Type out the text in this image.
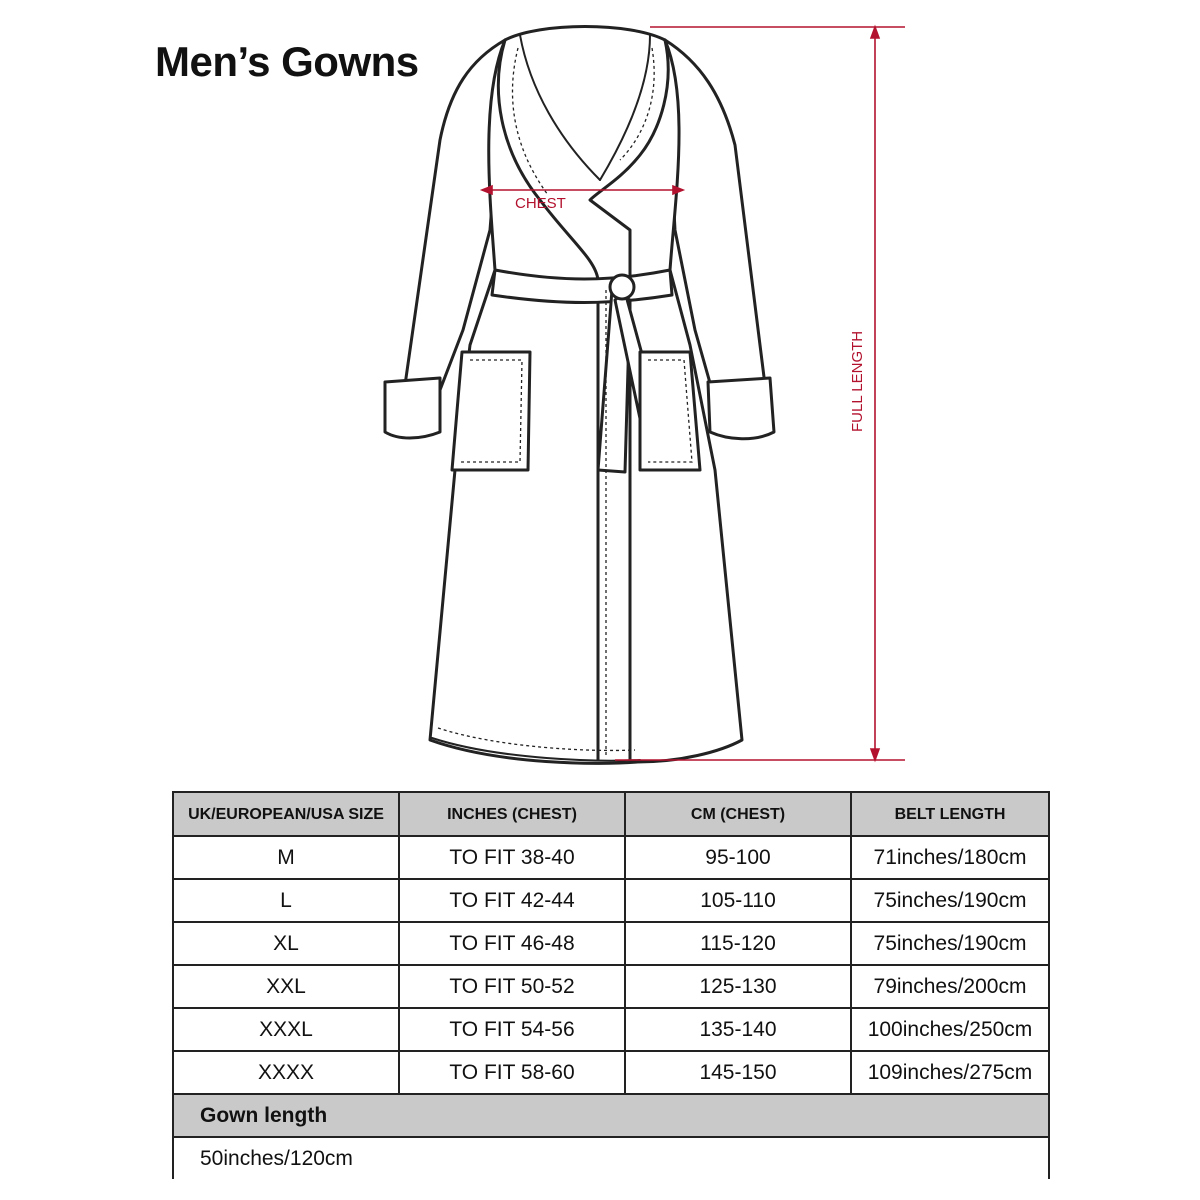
Men’s Gowns
CHEST
FULL LENGTH
UK/EUROPEAN/USA SIZE	INCHES (CHEST)	CM (CHEST)	BELT LENGTH
M	TO FIT 38-40	95-100	71inches/180cm
L	TO FIT 42-44	105-110	75inches/190cm
XL	TO FIT 46-48	115-120	75inches/190cm
XXL	TO FIT 50-52	125-130	79inches/200cm
XXXL	TO FIT 54-56	135-140	100inches/250cm
XXXX	TO FIT 58-60	145-150	109inches/275cm
Gown length			
50inches/120cm			
